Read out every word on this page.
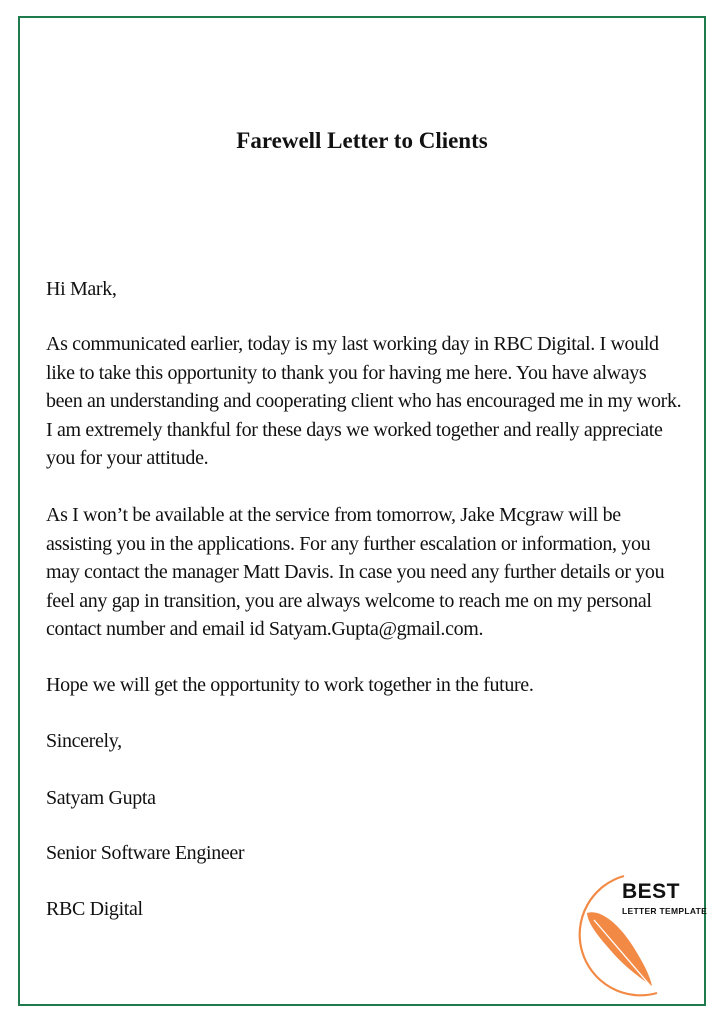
Farewell Letter to Clients
Hi Mark,

As communicated earlier, today is my last working day in RBC Digital. I would like to take this opportunity to thank you for having me here. You have always been an understanding and cooperating client who has encouraged me in my work. I am extremely thankful for these days we worked together and really appreciate you for your attitude.

As I won’t be available at the service from tomorrow, Jake Mcgraw will be assisting you in the applications. For any further escalation or information, you may contact the manager Matt Davis. In case you need any further details or you feel any gap in transition, you are always welcome to reach me on my personal contact number and email id Satyam.Gupta@gmail.com.

Hope we will get the opportunity to work together in the future.
Sincerely,
Satyam Gupta
Senior Software Engineer
RBC Digital
BEST
LETTER TEMPLATE
